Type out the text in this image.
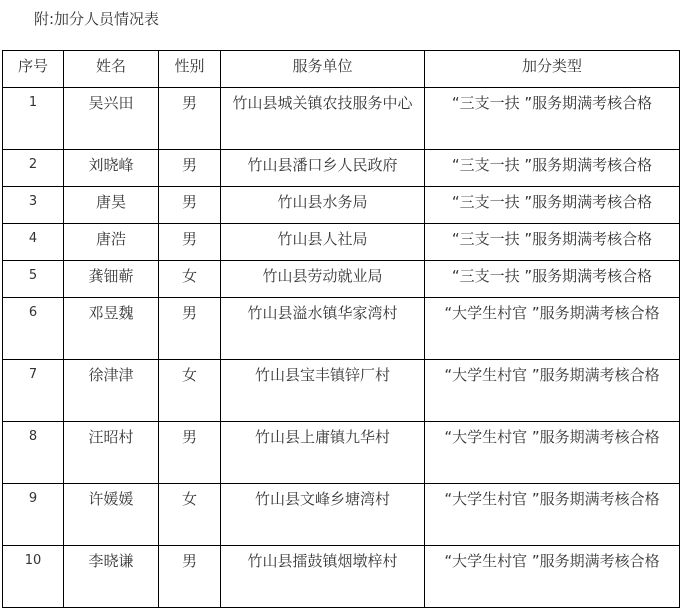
附:加分人员情况表
序号	姓名	性别	服务单位	加分类型
1	吴兴田	男	竹山县城关镇农技服务中心	“三支一扶 ”服务期满考核合格
2	刘晓峰	男	竹山县潘口乡人民政府	“三支一扶 ”服务期满考核合格
3	唐昊	男	竹山县水务局	“三支一扶 ”服务期满考核合格
4	唐浩	男	竹山县人社局	“三支一扶 ”服务期满考核合格
5	龚钿蕲	女	竹山县劳动就业局	“三支一扶 ”服务期满考核合格
6	邓昱魏	男	竹山县溢水镇华家湾村	“大学生村官 ”服务期满考核合格
7	徐津津	女	竹山县宝丰镇锌厂村	“大学生村官 ”服务期满考核合格
8	汪昭村	男	竹山县上庸镇九华村	“大学生村官 ”服务期满考核合格
9	许媛媛	女	竹山县文峰乡塘湾村	“大学生村官 ”服务期满考核合格
10	李晓谦	男	竹山县擂鼓镇烟墩梓村	“大学生村官 ”服务期满考核合格
